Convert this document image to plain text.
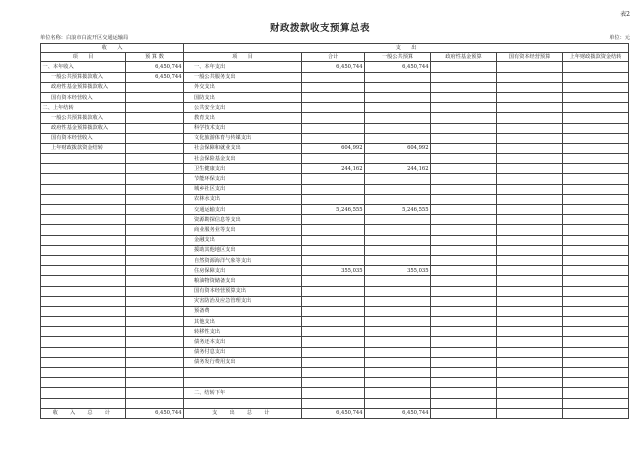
表2
财政拨款收支预算总表
单位名称：白浪市白流开区交通运输局	单位：元
收　　入		支　　出					
项　　目	预 算 数	项　　目	合计	一般公共预算	政府性基金预算	国有资本经营预算	上年财政拨款资金结转
一、本年收入	6,450,744	一、本年支出	6,450,744	6,450,744			
一般公共预算拨款收入	6,450,744	一般公共服务支出					
政府性基金预算拨款收入		外交支出					
国有资本经营收入		国防支出					
二、上年结转		公共安全支出					
一般公共预算拨款收入		教育支出					
政府性基金预算拨款收入		科学技术支出					
国有资本经营收入		文化旅游体育与传媒支出					
上年财政拨款资金结转		社会保障和就业支出	604,992	604,992			
		社会保险基金支出					
		卫生健康支出	244,162	244,162			
		节能环保支出					
		城乡社区支出					
		农林水支出					
		交通运输支出	5,246,555	5,246,555			
		资源勘探信息等支出					
		商业服务业等支出					
		金融支出					
		援助其他地区支出					
		自然资源海洋气象等支出					
		住房保障支出	355,035	355,035			
		粮油物资储备支出					
		国有资本经营预算支出					
		灾害防治及应急管理支出					
		预备费					
		其他支出					
		转移性支出					
		债务还本支出					
		债务付息支出					
		债务发行费用支出					

		二、结转下年					

收　入　总　计	6,450,744	支　出　总　计	6,450,744	6,450,744			
